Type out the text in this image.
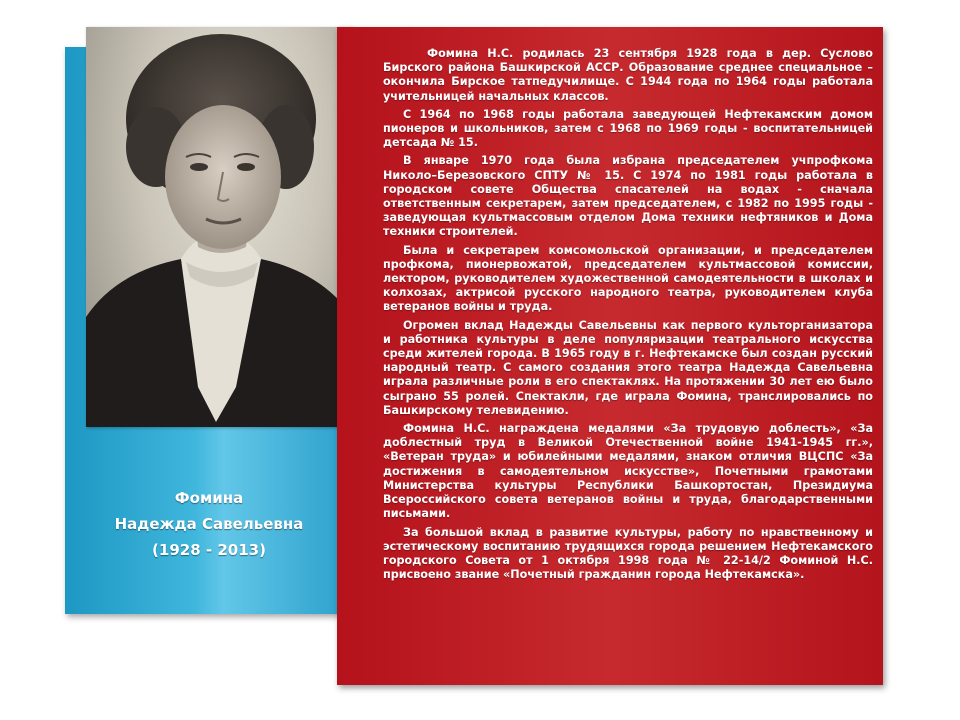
Фомина
Надежда Савельевна
(1928 - 2013)

Фомина Н.С. родилась 23 сентября 1928 года в дер. Суслово Бирского района Башкирской АССР. Образование среднее специальное – окончила Бирское татпедучилище. С 1944 года по 1964 годы работала учительницей начальных классов.

С 1964 по 1968 годы работала заведующей Нефтекамским домом пионеров и школьников, затем с 1968 по 1969 годы - воспитательницей детсада № 15.

В январе 1970 года была избрана председателем учпрофкома Николо–Березовского СПТУ № 15. С 1974 по 1981 годы работала в городском совете Общества спасателей на водах - сначала ответственным секретарем, затем председателем, с 1982 по 1995 годы - заведующая культмассовым отделом Дома техники нефтяников и Дома техники строителей.

Была и секретарем комсомольской организации, и председателем профкома, пионервожатой, председателем культмассовой комиссии, лектором, руководителем художественной самодеятельности в школах и колхозах, актрисой русского народного театра, руководителем клуба ветеранов войны и труда.

Огромен вклад Надежды Савельевны как первого культорганизатора и работника культуры в деле популяризации театрального искусства среди жителей города. В 1965 году в г. Нефтекамске был создан русский народный театр. С самого создания этого театра Надежда Савельевна играла различные роли в его спектаклях. На протяжении 30 лет ею было сыграно 55 ролей. Спектакли, где играла Фомина, транслировались по Башкирскому телевидению.

Фомина Н.С. награждена медалями «За трудовую доблесть», «За доблестный труд в Великой Отечественной войне 1941-1945 гг.», «Ветеран труда» и юбилейными медалями, знаком отличия ВЦСПС «За достижения в самодеятельном искусстве», Почетными грамотами Министерства культуры Республики Башкортостан, Президиума Всероссийского совета ветеранов войны и труда, благодарственными письмами.

За большой вклад в развитие культуры, работу по нравственному и эстетическому воспитанию трудящихся города решением Нефтекамского городского Совета от 1 октября 1998 года № 22-14/2 Фоминой Н.С. присвоено звание «Почетный гражданин города Нефтекамска».
